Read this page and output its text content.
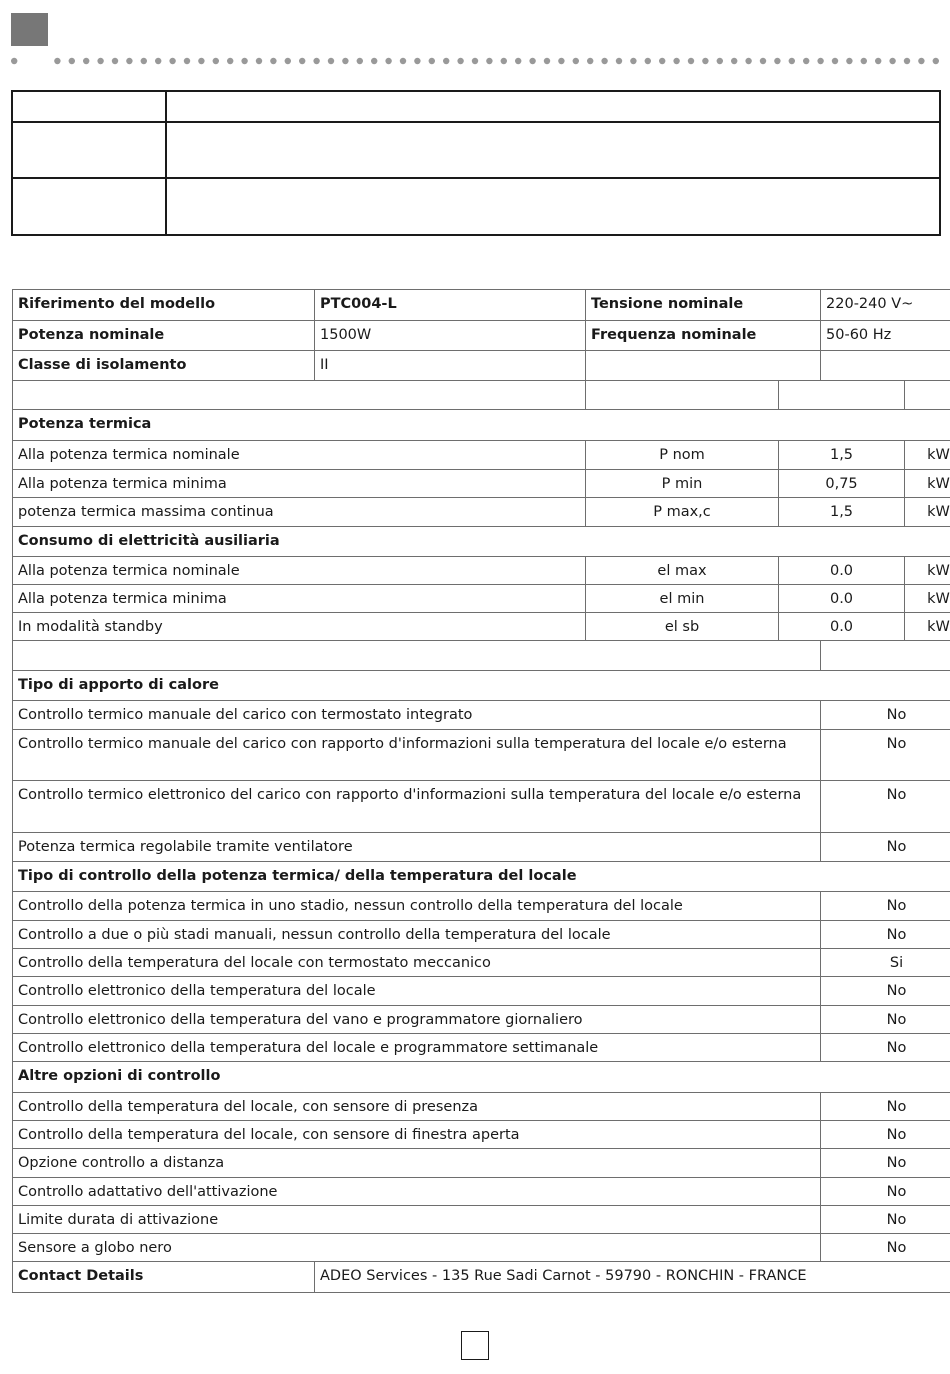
Riferimento del modello	PTC004-L	Tensione nominale		220-240 V~	
Potenza nominale	1500W	Frequenza nominale		50-60 Hz	
Classe di isolamento	II				

Potenza termica					
Alla potenza termica nominale		P nom	1,5		kW
Alla potenza termica minima		P min	0,75		kW
potenza termica massima continua		P max,c	1,5		kW
Consumo di elettricità ausiliaria					
Alla potenza termica nominale		el max	0.0		kW
Alla potenza termica minima		el min	0.0		kW
In modalità standby		el sb	0.0		kW

Tipo di apporto di calore					
Controllo termico manuale del carico con termostato integrato				No	
Controllo termico manuale del carico con rapporto d'informazioni sulla temperatura del locale e/o esterna				No	
Controllo termico elettronico del carico con rapporto d'informazioni sulla temperatura del locale e/o esterna				No	
Potenza termica regolabile tramite ventilatore				No	
Tipo di controllo della potenza termica/ della temperatura del locale					
Controllo della potenza termica in uno stadio, nessun controllo della temperatura del locale				No	
Controllo a due o più stadi manuali, nessun controllo della temperatura del locale				No	
Controllo della temperatura del locale con termostato meccanico				Si	
Controllo elettronico della temperatura del locale				No	
Controllo elettronico della temperatura del vano e programmatore giornaliero				No	
Controllo elettronico della temperatura del locale e programmatore settimanale				No	
Altre opzioni di controllo					
Controllo della temperatura del locale, con sensore di presenza				No	
Controllo della temperatura del locale, con sensore di finestra aperta				No	
Opzione controllo a distanza				No	
Controllo adattativo dell'attivazione				No	
Limite durata di attivazione				No	
Sensore a globo nero				No	
Contact Details	ADEO Services - 135 Rue Sadi Carnot - 59790 - RONCHIN - FRANCE				
